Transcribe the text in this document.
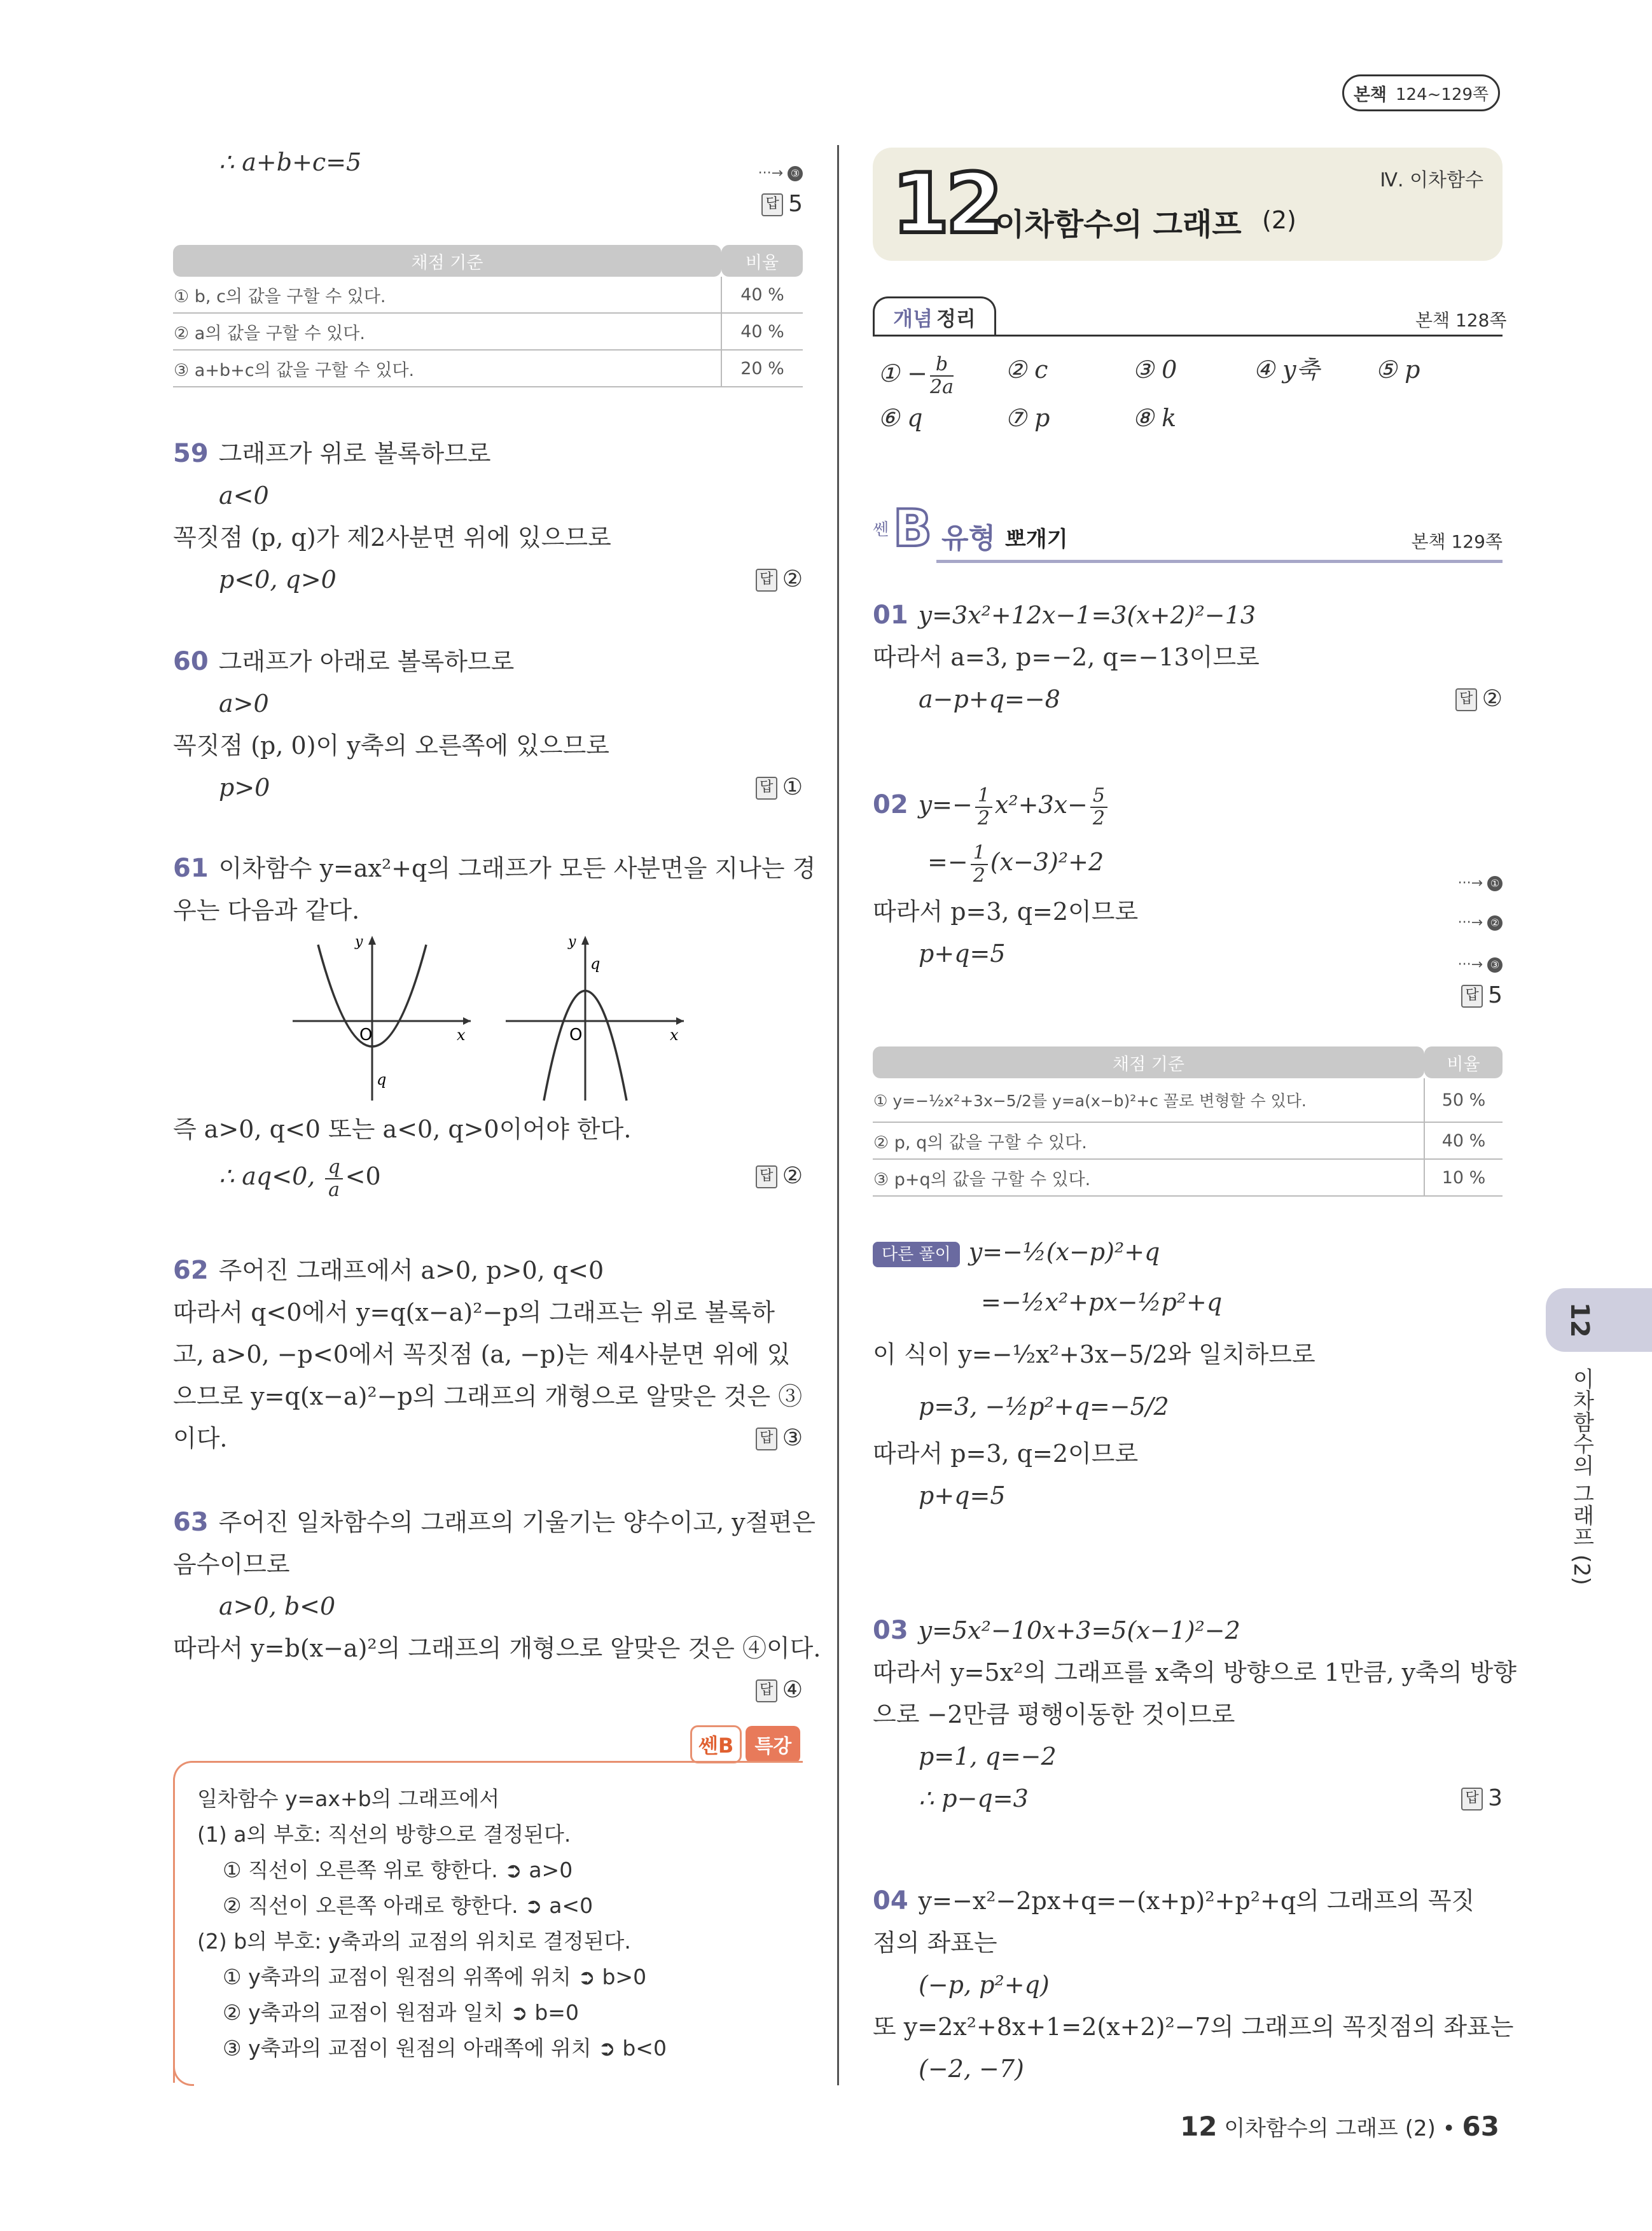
본책 124~129쪽
∴ a+b+c=5	···→ ③
답 5
채점 기준	비율
① b, c의 값을 구할 수 있다.	40 %
② a의 값을 구할 수 있다.	40 %
③ a+b+c의 값을 구할 수 있다.	20 %
59 그래프가 위로 볼록하므로
a<0
꼭짓점 (p, q)가 제2사분면 위에 있으므로
p<0, q>0	답 ②
60 그래프가 아래로 볼록하므로
a>0
꼭짓점 (p, 0)이 y축의 오른쪽에 있으므로
p>0	답 ①
61 이차함수 y=ax²+q의 그래프가 모든 사분면을 지나는 경
우는 다음과 같다.
y
x
O
q
y
x
O
q
즉 a>0, q<0 또는 a<0, q>0이어야 한다.
∴ aq<0, $\frac{q}{a} <0$	답 ②
62 주어진 그래프에서 a>0, p>0, q<0
따라서 q<0에서 y=q(x−a)²−p의 그래프는 위로 볼록하
고, a>0, −p<0에서 꼭짓점 (a, −p)는 제4사분면 위에 있
으므로 y=q(x−a)²−p의 그래프의 개형으로 알맞은 것은 ③
이다.	답 ③
63 주어진 일차함수의 그래프의 기울기는 양수이고, y절편은
음수이므로
a>0, b<0
따라서 y=b(x−a)²의 그래프의 개형으로 알맞은 것은 ④이다.
답 ④
쎈B 특강
일차함수 y=ax+b의 그래프에서
(1) a의 부호: 직선의 방향으로 결정된다.
① 직선이 오른쪽 위로 향한다. ➲ a>0
② 직선이 오른쪽 아래로 향한다. ➲ a<0
(2) b의 부호: y축과의 교점의 위치로 결정된다.
① y축과의 교점이 원점의 위쪽에 위치 ➲ b>0
② y축과의 교점이 원점과 일치 ➲ b=0
③ y축과의 교점이 원점의 아래쪽에 위치 ➲ b<0
12
이차함수의 그래프 (2)
Ⅳ. 이차함수
개념 정리	본책 128쪽
① − $\frac{b}{2a}$ ② c	③ 0	④ y축 ⑤ p
⑥ q	⑦ p	⑧ k
쎈 B 유형 뽀개기	본책 129쪽
01 y=3x²+12x−1=3(x+2)²−13
따라서 a=3, p=−2, q=−13이므로
a−p+q=−8	답 ②
02 $y=- \frac{1}{2} x^2+3x- \frac{5}{2}$
=− $\frac{1}{2} (x-3)^2+2$
···→ ①
따라서 p=3, q=2이므로	···→ ②
p+q=5	···→ ③
답 5
채점 기준	비율
① y=−½x²+3x−5/2를 y=a(x−b)²+c 꼴로 변형할 수 있다.	50 %
② p, q의 값을 구할 수 있다.	40 %
③ p+q의 값을 구할 수 있다.	10 %
다른 풀이 y=−½(x−p)²+q
=−½x²+px−½p²+q
이 식이 y=−½x²+3x−5/2와 일치하므로
p=3, −½p²+q=−5/2
따라서 p=3, q=2이므로
p+q=5
03 y=5x²−10x+3=5(x−1)²−2
따라서 y=5x²의 그래프를 x축의 방향으로 1만큼, y축의 방향
으로 −2만큼 평행이동한 것이므로
p=1, q=−2
∴ p−q=3	답 3
04 y=−x²−2px+q=−(x+p)²+p²+q의 그래프의 꼭짓
점의 좌표는
(−p, p²+q)
또 y=2x²+8x+1=2(x+2)²−7의 그래프의 꼭짓점의 좌표는
(−2, −7)
12
이차함수의 그래프 (2)
12 이차함수의 그래프 (2) • 63
